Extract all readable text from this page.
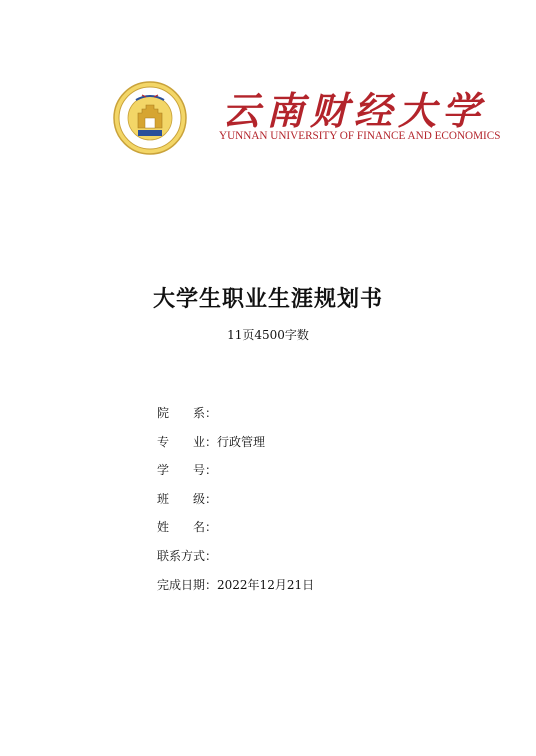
云南财经大学
YUNNAN UNIVERSITY OF FINANCE AND ECONOMICS
大学生职业生涯规划书
11页4500字数
院　　系：
专　　业：行政管理
学　　号：
班　　级：
姓　　名：
联系方式：
完成日期：2022年12月21日
